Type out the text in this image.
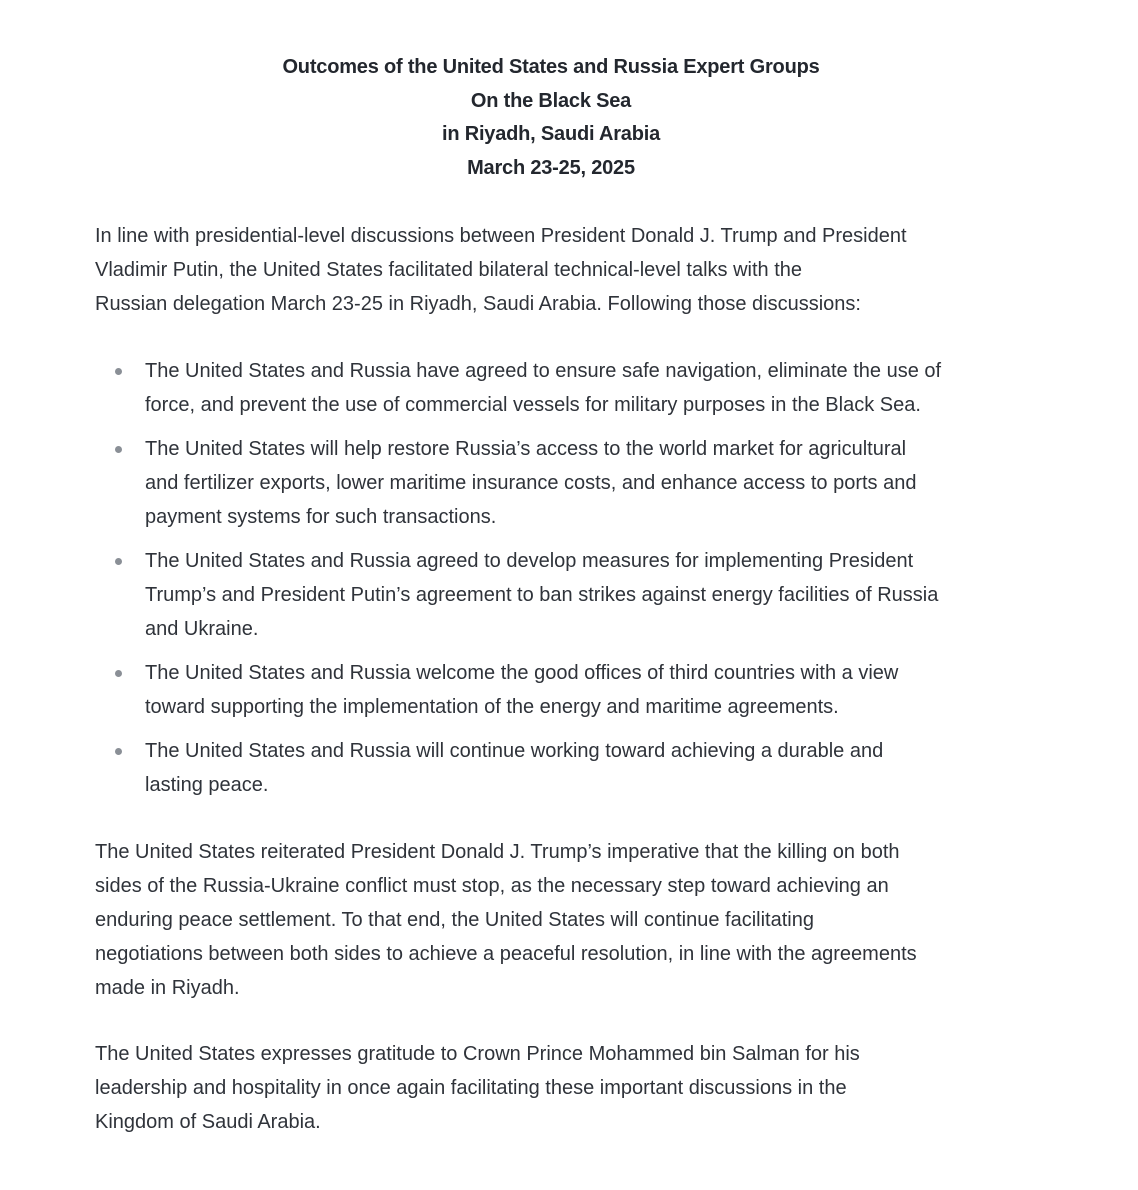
Outcomes of the United States and Russia Expert Groups
On the Black Sea
in Riyadh, Saudi Arabia
March 23-25, 2025
In line with presidential-level discussions between President Donald J. Trump and President
Vladimir Putin, the United States facilitated bilateral technical-level talks with the
Russian delegation March 23-25 in Riyadh, Saudi Arabia. Following those discussions:
The United States and Russia have agreed to ensure safe navigation, eliminate the use of
force, and prevent the use of commercial vessels for military purposes in the Black Sea.
The United States will help restore Russia’s access to the world market for agricultural
and fertilizer exports, lower maritime insurance costs, and enhance access to ports and
payment systems for such transactions.
The United States and Russia agreed to develop measures for implementing President
Trump’s and President Putin’s agreement to ban strikes against energy facilities of Russia
and Ukraine.
The United States and Russia welcome the good offices of third countries with a view
toward supporting the implementation of the energy and maritime agreements.
The United States and Russia will continue working toward achieving a durable and
lasting peace.
The United States reiterated President Donald J. Trump’s imperative that the killing on both
sides of the Russia-Ukraine conflict must stop, as the necessary step toward achieving an
enduring peace settlement. To that end, the United States will continue facilitating
negotiations between both sides to achieve a peaceful resolution, in line with the agreements
made in Riyadh.
The United States expresses gratitude to Crown Prince Mohammed bin Salman for his
leadership and hospitality in once again facilitating these important discussions in the
Kingdom of Saudi Arabia.
